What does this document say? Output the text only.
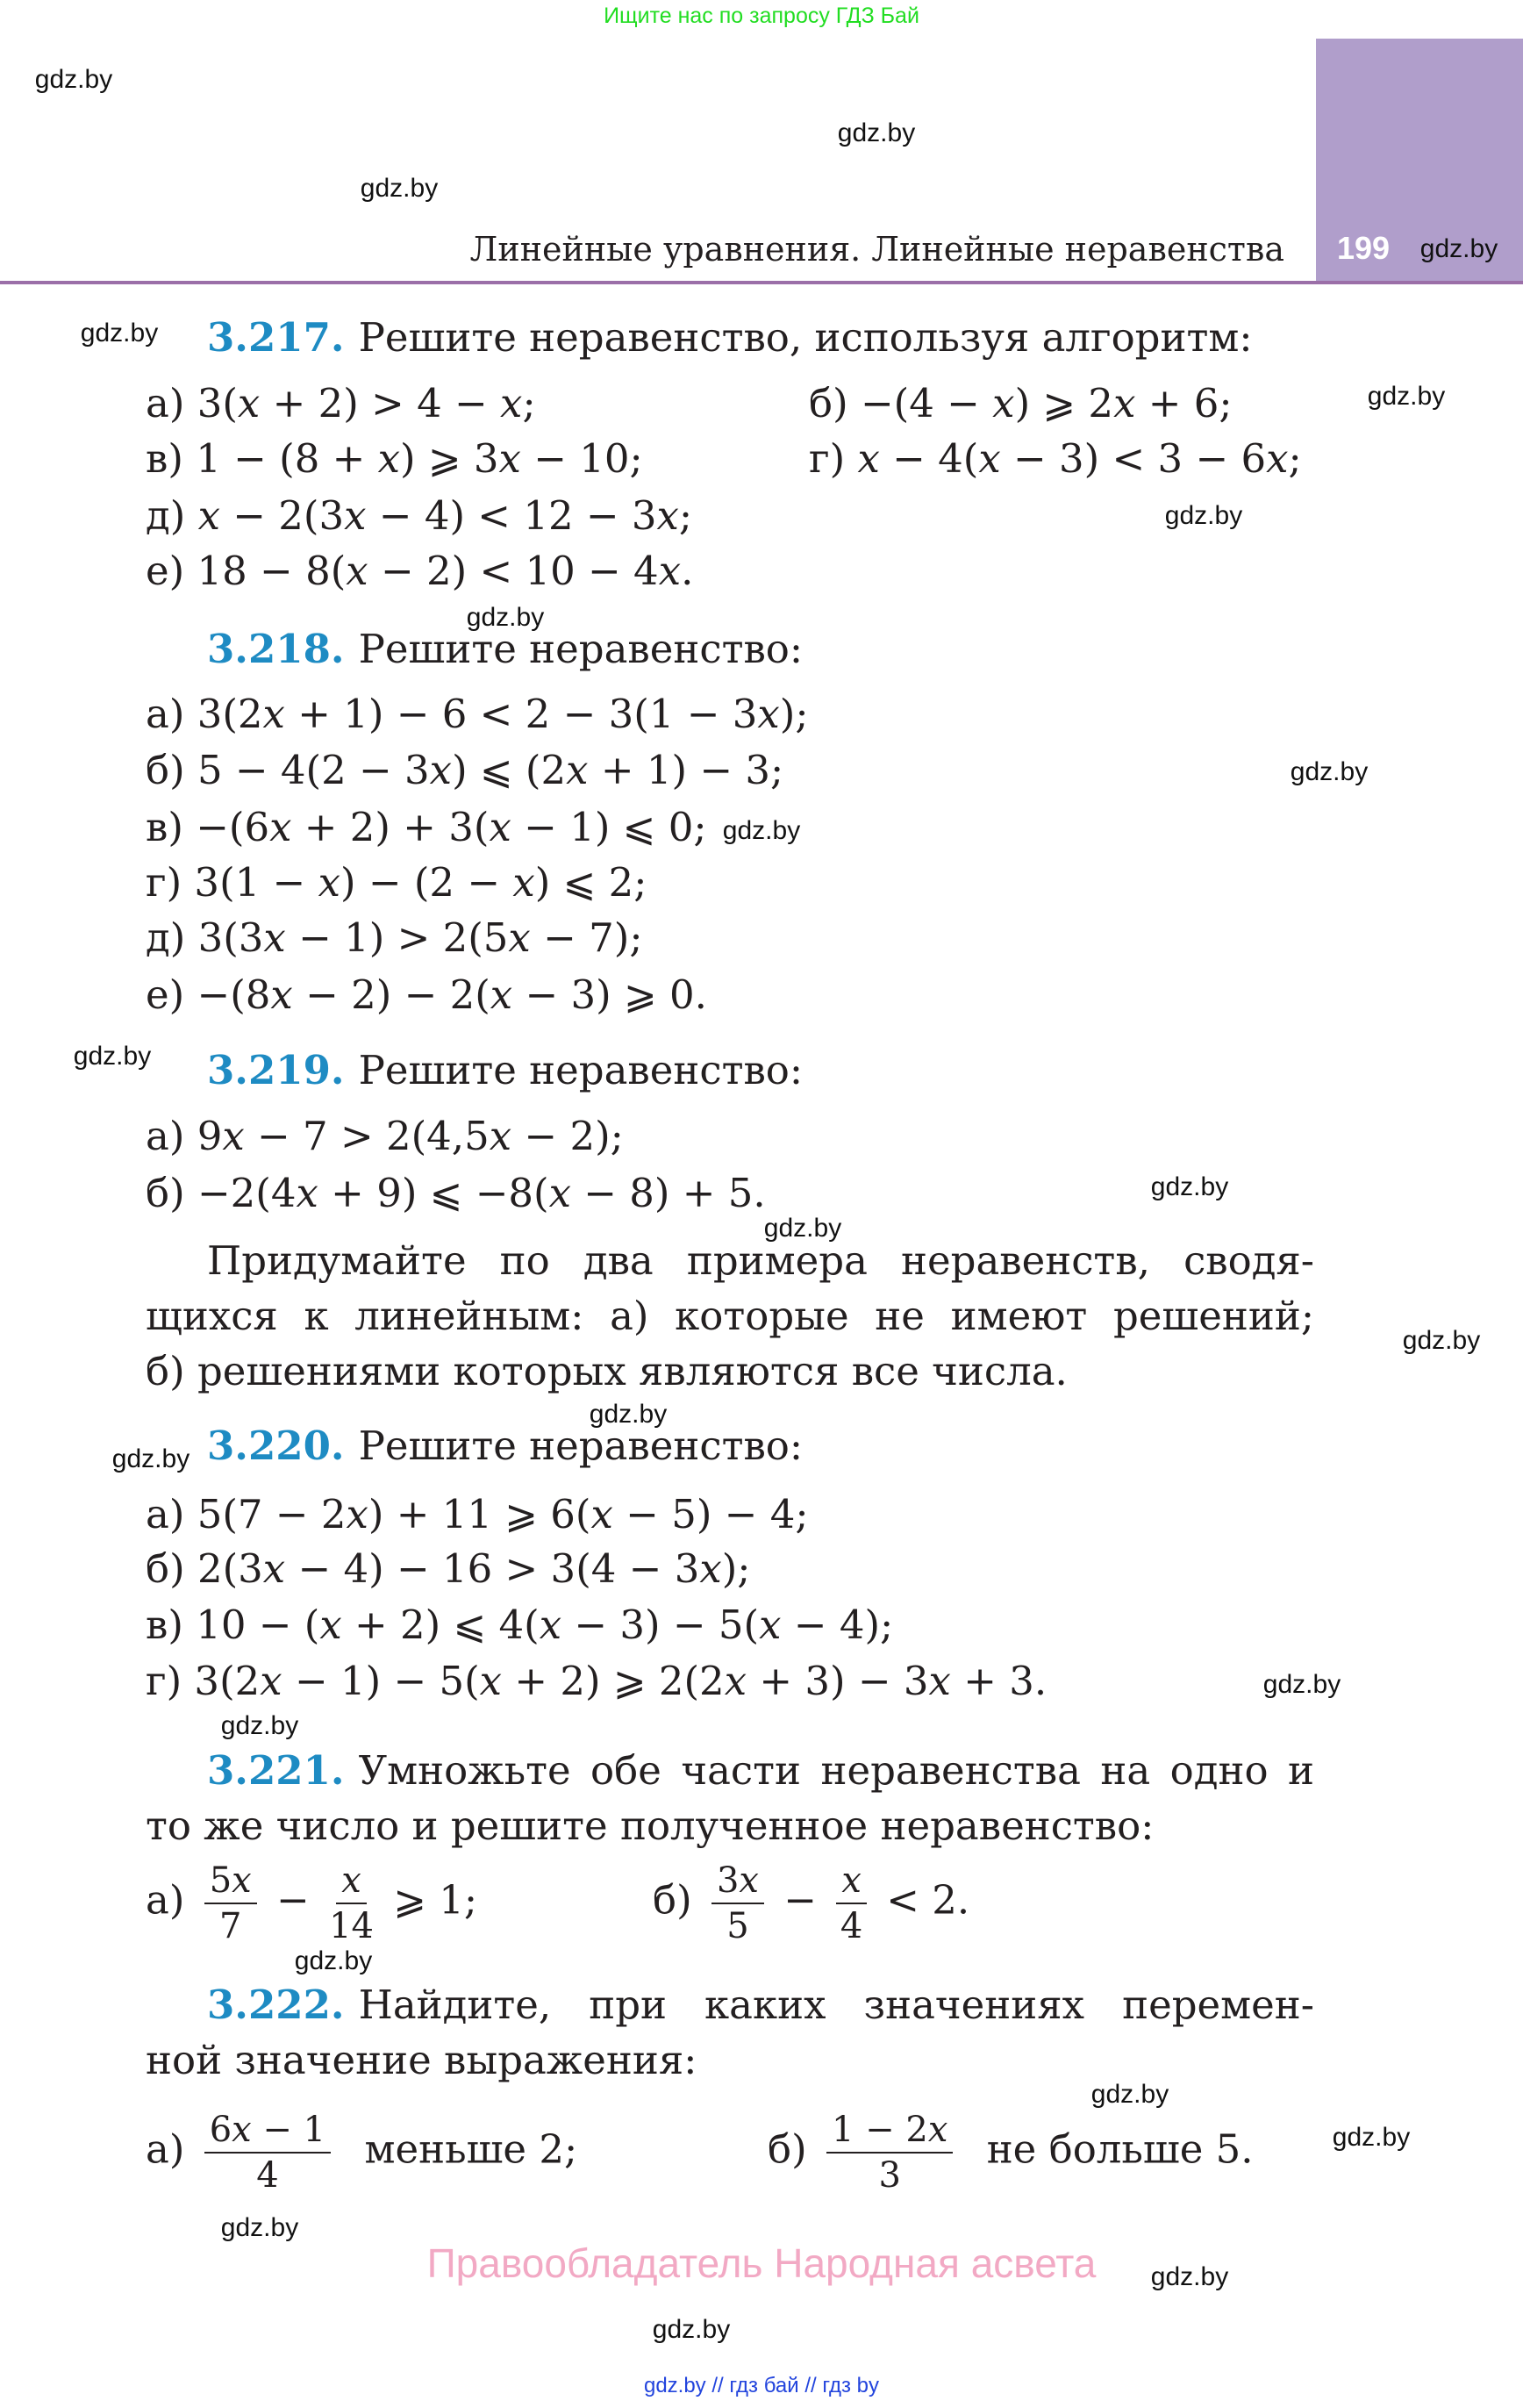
Ищите нас по запросу ГДЗ Бай
199
Линейные уравнения. Линейные неравенства
3.217. Решите неравенство, используя алгоритм:
а) 3(x + 2) > 4 − x;	б) −(4 − x) ⩾ 2x + 6;
в) 1 − (8 + x) ⩾ 3x − 10;	г) x − 4(x − 3) < 3 − 6x;
д) x − 2(3x − 4) < 12 − 3x;
е) 18 − 8(x − 2) < 10 − 4x.
3.218. Решите неравенство:
а) 3(2x + 1) − 6 < 2 − 3(1 − 3x);
б) 5 − 4(2 − 3x) ⩽ (2x + 1) − 3;
в) −(6x + 2) + 3(x − 1) ⩽ 0;
г) 3(1 − x) − (2 − x) ⩽ 2;
д) 3(3x − 1) > 2(5x − 7);
е) −(8x − 2) − 2(x − 3) ⩾ 0.
3.219. Решите неравенство:
а) 9x − 7 > 2(4,5x − 2);
б) −2(4x + 9) ⩽ −8(x − 8) + 5.
Придумайте по два примера неравенств, сводя-
щихся к линейным: а) которые не имеют решений;
б) решениями которых являются все числа.
3.220. Решите неравенство:
а) 5(7 − 2x) + 11 ⩾ 6(x − 5) − 4;
б) 2(3x − 4) − 16 > 3(4 − 3x);
в) 10 − (x + 2) ⩽ 4(x − 3) − 5(x − 4);
г) 3(2x − 1) − 5(x + 2) ⩾ 2(2x + 3) − 3x + 3.
3.221. Умножьте обе части неравенства на одно и
то же число и решите полученное неравенство:
$а) \frac{5x}{7} - \frac{x}{14}$ ⩾ 1;	$б) \frac{3x}{5} - \frac{x}{4} < 2$.
3.222. Найдите, при каких значениях перемен-
ной значение выражения:
$а) \frac{6x - 1}{4}$ меньше 2;	$б) \frac{1 - 2x}{3}$ не больше 5.
Правообладатель Народная асвета
gdz.by // гдз бай // гдз by
gdz.by
gdz.by
gdz.by
gdz.by
gdz.by
gdz.by
gdz.by
gdz.by
gdz.by
gdz.by
gdz.by
gdz.by
gdz.by
gdz.by
gdz.by
gdz.by
gdz.by
gdz.by
gdz.by
gdz.by
gdz.by
gdz.by
gdz.by
gdz.by
